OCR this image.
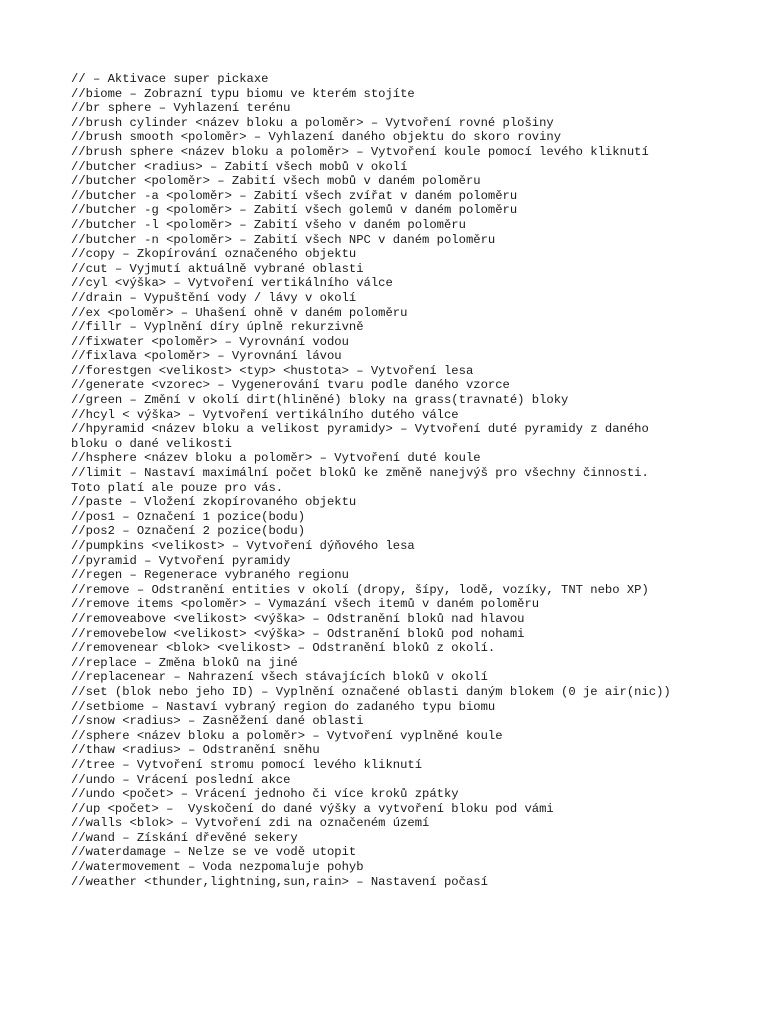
// – Aktivace super pickaxe

//biome – Zobrazní typu biomu ve kterém stojíte

//br sphere – Vyhlazení terénu

//brush cylinder <název bloku a poloměr> – Vytvoření rovné plošiny

//brush smooth <poloměr> – Vyhlazení daného objektu do skoro roviny

//brush sphere <název bloku a poloměr> – Vytvoření koule pomocí levého kliknutí

//butcher <radius> – Zabití všech mobů v okolí

//butcher <poloměr> – Zabití všech mobů v daném poloměru

//butcher -a <poloměr> – Zabití všech zvířat v daném poloměru

//butcher -g <poloměr> – Zabití všech golemů v daném poloměru

//butcher -l <poloměr> – Zabití všeho v daném poloměru

//butcher -n <poloměr> – Zabití všech NPC v daném poloměru

//copy – Zkopírování označeného objektu

//cut – Vyjmutí aktuálně vybrané oblasti

//cyl <výška> – Vytvoření vertikálního válce

//drain – Vypuštění vody / lávy v okolí

//ex <poloměr> – Uhašení ohně v daném poloměru

//fillr – Vyplnění díry úplně rekurzivně

//fixwater <poloměr> – Vyrovnání vodou

//fixlava <poloměr> – Vyrovnání lávou

//forestgen <velikost> <typ> <hustota> – Vytvoření lesa

//generate <vzorec> – Vygenerování tvaru podle daného vzorce

//green – Změní v okolí dirt(hliněné) bloky na grass(travnaté) bloky

//hcyl < výška> – Vytvoření vertikálního dutého válce

//hpyramid <název bloku a velikost pyramidy> – Vytvoření duté pyramidy z daného

bloku o dané velikosti

//hsphere <název bloku a poloměr> – Vytvoření duté koule

//limit – Nastaví maximální počet bloků ke změně nanejvýš pro všechny činnosti.

Toto platí ale pouze pro vás.

//paste – Vložení zkopírovaného objektu

//pos1 – Označení 1 pozice(bodu)

//pos2 – Označení 2 pozice(bodu)

//pumpkins <velikost> – Vytvoření dýňového lesa

//pyramid – Vytvoření pyramidy

//regen – Regenerace vybraného regionu

//remove – Odstranění entities v okolí (dropy, šípy, lodě, vozíky, TNT nebo XP)

//remove items <poloměr> – Vymazání všech itemů v daném poloměru

//removeabove <velikost> <výška> – Odstranění bloků nad hlavou

//removebelow <velikost> <výška> – Odstranění bloků pod nohami

//removenear <blok> <velikost> – Odstranění bloků z okolí.

//replace – Změna bloků na jiné

//replacenear – Nahrazení všech stávajících bloků v okolí

//set (blok nebo jeho ID) – Vyplnění označené oblasti daným blokem (0 je air(nic))

//setbiome – Nastaví vybraný region do zadaného typu biomu

//snow <radius> – Zasněžení dané oblasti

//sphere <název bloku a poloměr> – Vytvoření vyplněné koule

//thaw <radius> – Odstranění sněhu

//tree – Vytvoření stromu pomocí levého kliknutí

//undo – Vrácení poslední akce

//undo <počet> – Vrácení jednoho či více kroků zpátky

//up <počet> –  Vyskočení do dané výšky a vytvoření bloku pod vámi

//walls <blok> – Vytvoření zdi na označeném území

//wand – Získání dřevěné sekery

//waterdamage – Nelze se ve vodě utopit

//watermovement – Voda nezpomaluje pohyb

//weather <thunder,lightning,sun,rain> – Nastavení počasí
